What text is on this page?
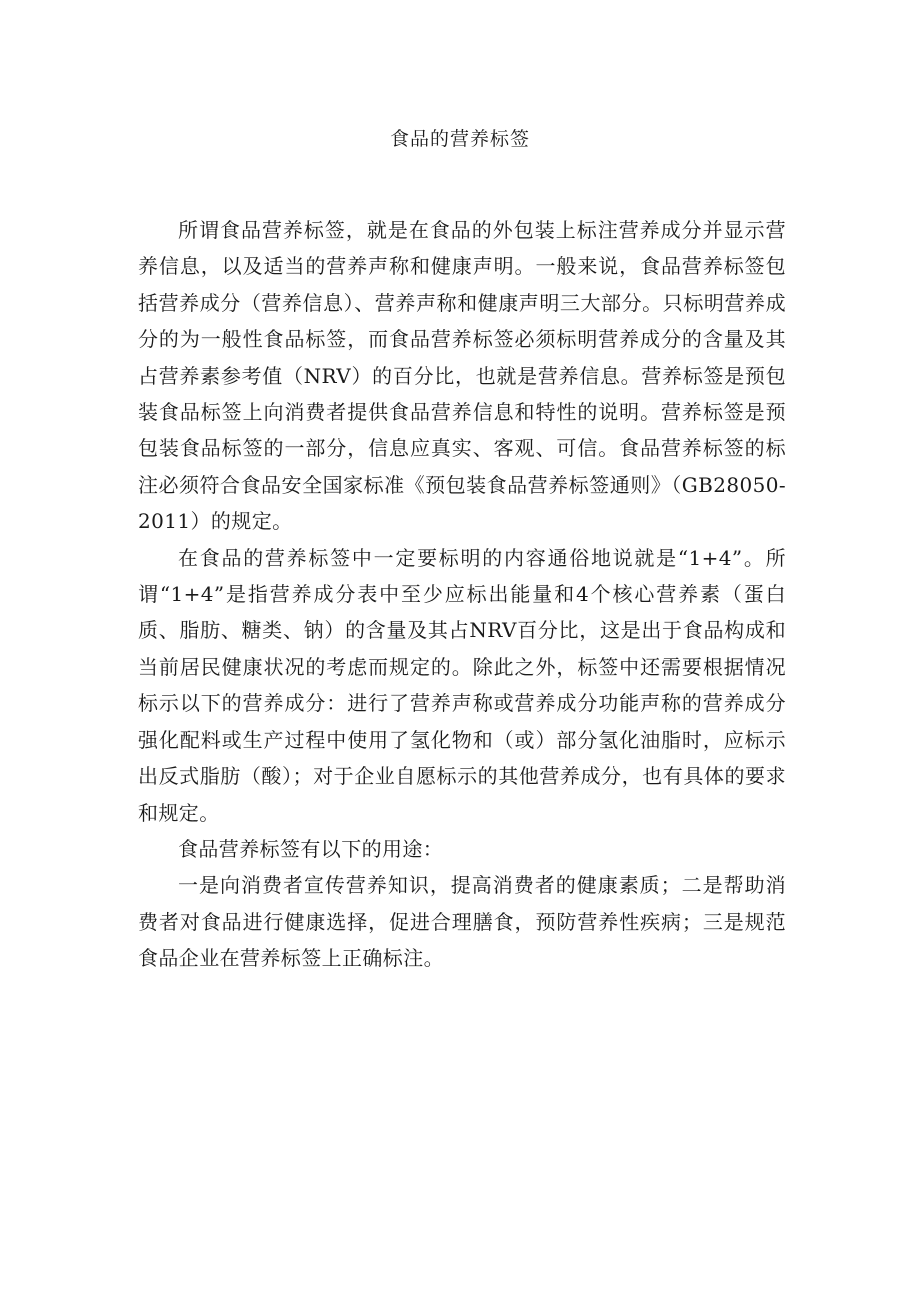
食品的营养标签

所谓食品营养标签，就是在食品的外包装上标注营养成分并显示营养信息，以及适当的营养声称和健康声明。一般来说，食品营养标签包括营养成分（营养信息）、营养声称和健康声明三大部分。只标明营养成分的为一般性食品标签，而食品营养标签必须标明营养成分的含量及其占营养素参考值（NRV）的百分比，也就是营养信息。营养标签是预包装食品标签上向消费者提供食品营养信息和特性的说明。营养标签是预包装食品标签的一部分，信息应真实、客观、可信。食品营养标签的标注必须符合食品安全国家标准《预包装食品营养标签通则》（GB28050-2011）的规定。

在食品的营养标签中一定要标明的内容通俗地说就是“1+4”。所谓“1+4”是指营养成分表中至少应标出能量和4个核心营养素（蛋白质、脂肪、糖类、钠）的含量及其占NRV百分比，这是出于食品构成和当前居民健康状况的考虑而规定的。除此之外，标签中还需要根据情况标示以下的营养成分：进行了营养声称或营养成分功能声称的营养成分强化配料或生产过程中使用了氢化物和（或）部分氢化油脂时，应标示出反式脂肪（酸）；对于企业自愿标示的其他营养成分，也有具体的要求和规定。

食品营养标签有以下的用途：

一是向消费者宣传营养知识，提高消费者的健康素质；二是帮助消费者对食品进行健康选择，促进合理膳食，预防营养性疾病；三是规范食品企业在营养标签上正确标注。
